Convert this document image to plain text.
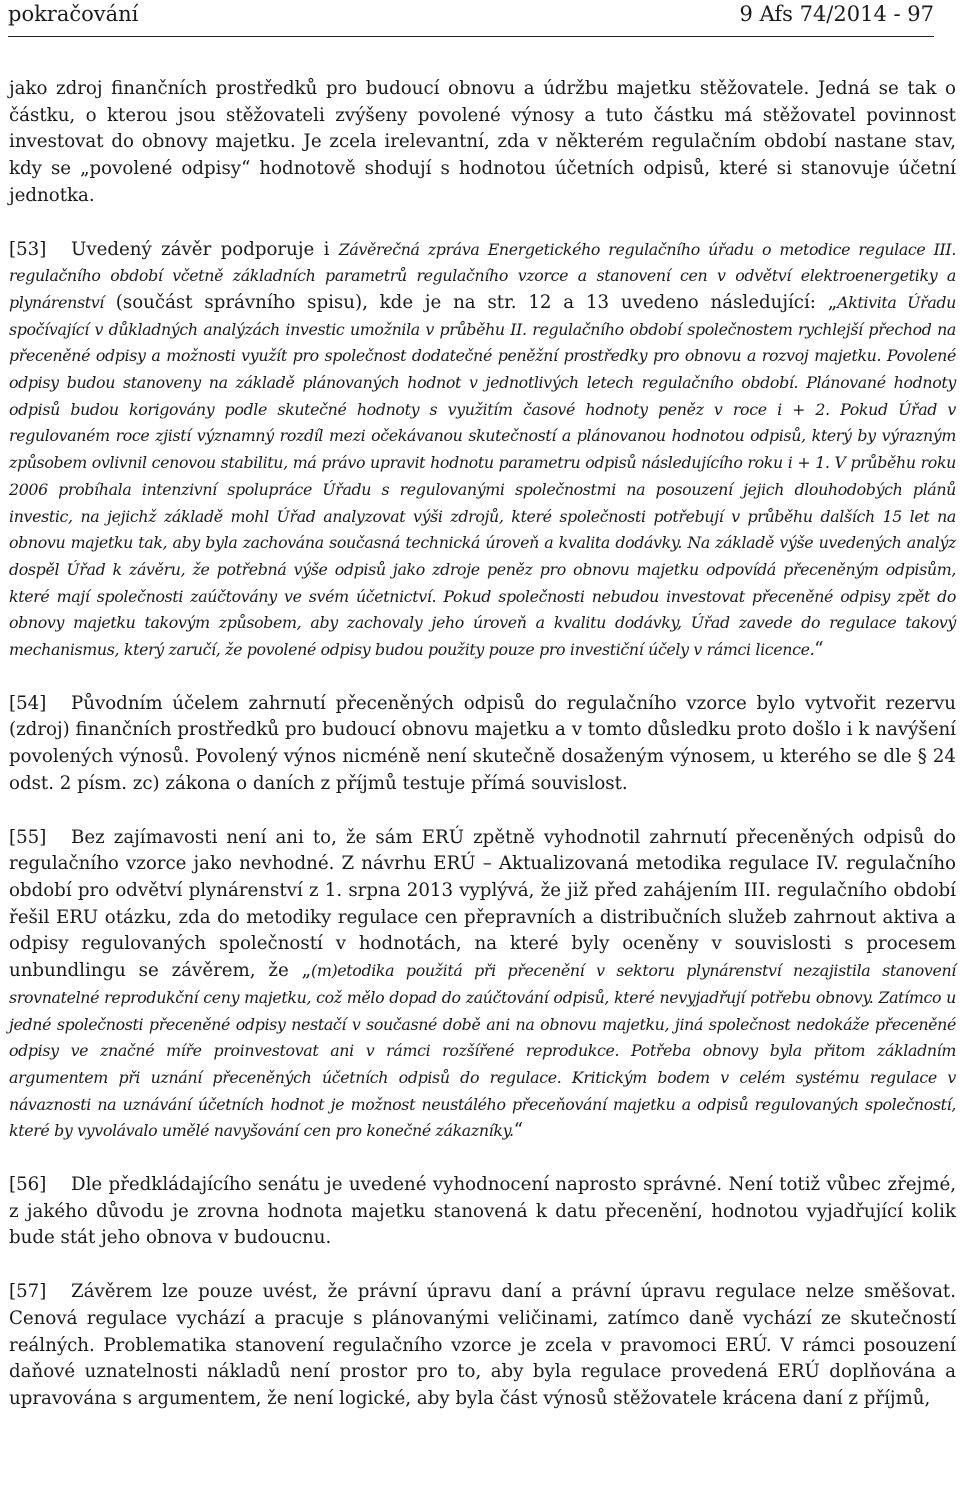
pokračování	9 Afs 74/2014 - 97

jako zdroj finančních prostředků pro budoucí obnovu a údržbu majetku stěžovatele. Jedná se tak o částku, o kterou jsou stěžovateli zvýšeny povolené výnosy a tuto částku má stěžovatel povinnost investovat do obnovy majetku. Je zcela irelevantní, zda v některém regulačním období nastane stav, kdy se „povolené odpisy“ hodnotově shodují s hodnotou účetních odpisů, které si stanovuje účetní jednotka.

[53] Uvedený závěr podporuje i Závěrečná zpráva Energetického regulačního úřadu o metodice regulace III. regulačního období včetně základních parametrů regulačního vzorce a stanovení cen v odvětví elektroenergetiky a plynárenství (součást správního spisu), kde je na str. 12 a 13 uvedeno následující: „Aktivita Úřadu spočívající v důkladných analýzách investic umožnila v průběhu II. regulačního období společnostem rychlejší přechod na přeceněné odpisy a možnosti využít pro společnost dodatečné peněžní prostředky pro obnovu a rozvoj majetku. Povolené odpisy budou stanoveny na základě plánovaných hodnot v jednotlivých letech regulačního období. Plánované hodnoty odpisů budou korigovány podle skutečné hodnoty s využitím časové hodnoty peněz v roce i + 2. Pokud Úřad v regulovaném roce zjistí významný rozdíl mezi očekávanou skutečností a plánovanou hodnotou odpisů, který by výrazným způsobem ovlivnil cenovou stabilitu, má právo upravit hodnotu parametru odpisů následujícího roku i + 1. V průběhu roku 2006 probíhala intenzivní spolupráce Úřadu s regulovanými společnostmi na posouzení jejich dlouhodobých plánů investic, na jejichž základě mohl Úřad analyzovat výši zdrojů, které společnosti potřebují v průběhu dalších 15 let na obnovu majetku tak, aby byla zachována současná technická úroveň a kvalita dodávky. Na základě výše uvedených analýz dospěl Úřad k závěru, že potřebná výše odpisů jako zdroje peněz pro obnovu majetku odpovídá přeceněným odpisům, které mají společnosti zaúčtovány ve svém účetnictví. Pokud společnosti nebudou investovat přeceněné odpisy zpět do obnovy majetku takovým způsobem, aby zachovaly jeho úroveň a kvalitu dodávky, Úřad zavede do regulace takový mechanismus, který zaručí, že povolené odpisy budou použity pouze pro investiční účely v rámci licence.“

[54] Původním účelem zahrnutí přeceněných odpisů do regulačního vzorce bylo vytvořit rezervu (zdroj) finančních prostředků pro budoucí obnovu majetku a v tomto důsledku proto došlo i k navýšení povolených výnosů. Povolený výnos nicméně není skutečně dosaženým výnosem, u kterého se dle § 24 odst. 2 písm. zc) zákona o daních z příjmů testuje přímá souvislost.

[55] Bez zajímavosti není ani to, že sám ERÚ zpětně vyhodnotil zahrnutí přeceněných odpisů do regulačního vzorce jako nevhodné. Z návrhu ERÚ – Aktualizovaná metodika regulace IV. regulačního období pro odvětví plynárenství z 1. srpna 2013 vyplývá, že již před zahájením III. regulačního období řešil ERU otázku, zda do metodiky regulace cen přepravních a distribučních služeb zahrnout aktiva a odpisy regulovaných společností v hodnotách, na které byly oceněny v souvislosti s procesem unbundlingu se závěrem, že „(m)etodika použitá při přecenění v sektoru plynárenství nezajistila stanovení srovnatelné reprodukční ceny majetku, což mělo dopad do zaúčtování odpisů, které nevyjadřují potřebu obnovy. Zatímco u jedné společnosti přeceněné odpisy nestačí v současné době ani na obnovu majetku, jiná společnost nedokáže přeceněné odpisy ve značné míře proinvestovat ani v rámci rozšířené reprodukce. Potřeba obnovy byla přitom základním argumentem při uznání přeceněných účetních odpisů do regulace. Kritickým bodem v celém systému regulace v návaznosti na uznávání účetních hodnot je možnost neustálého přeceňování majetku a odpisů regulovaných společností, které by vyvolávalo umělé navyšování cen pro konečné zákazníky.“

[56] Dle předkládajícího senátu je uvedené vyhodnocení naprosto správné. Není totiž vůbec zřejmé, z jakého důvodu je zrovna hodnota majetku stanovená k datu přecenění, hodnotou vyjadřující kolik bude stát jeho obnova v budoucnu.

[57] Závěrem lze pouze uvést, že právní úpravu daní a právní úpravu regulace nelze směšovat. Cenová regulace vychází a pracuje s plánovanými veličinami, zatímco daně vychází ze skutečností reálných. Problematika stanovení regulačního vzorce je zcela v pravomoci ERÚ. V rámci posouzení daňové uznatelnosti nákladů není prostor pro to, aby byla regulace provedená ERÚ doplňována a upravována s argumentem, že není logické, aby byla část výnosů stěžovatele krácena daní z příjmů,
